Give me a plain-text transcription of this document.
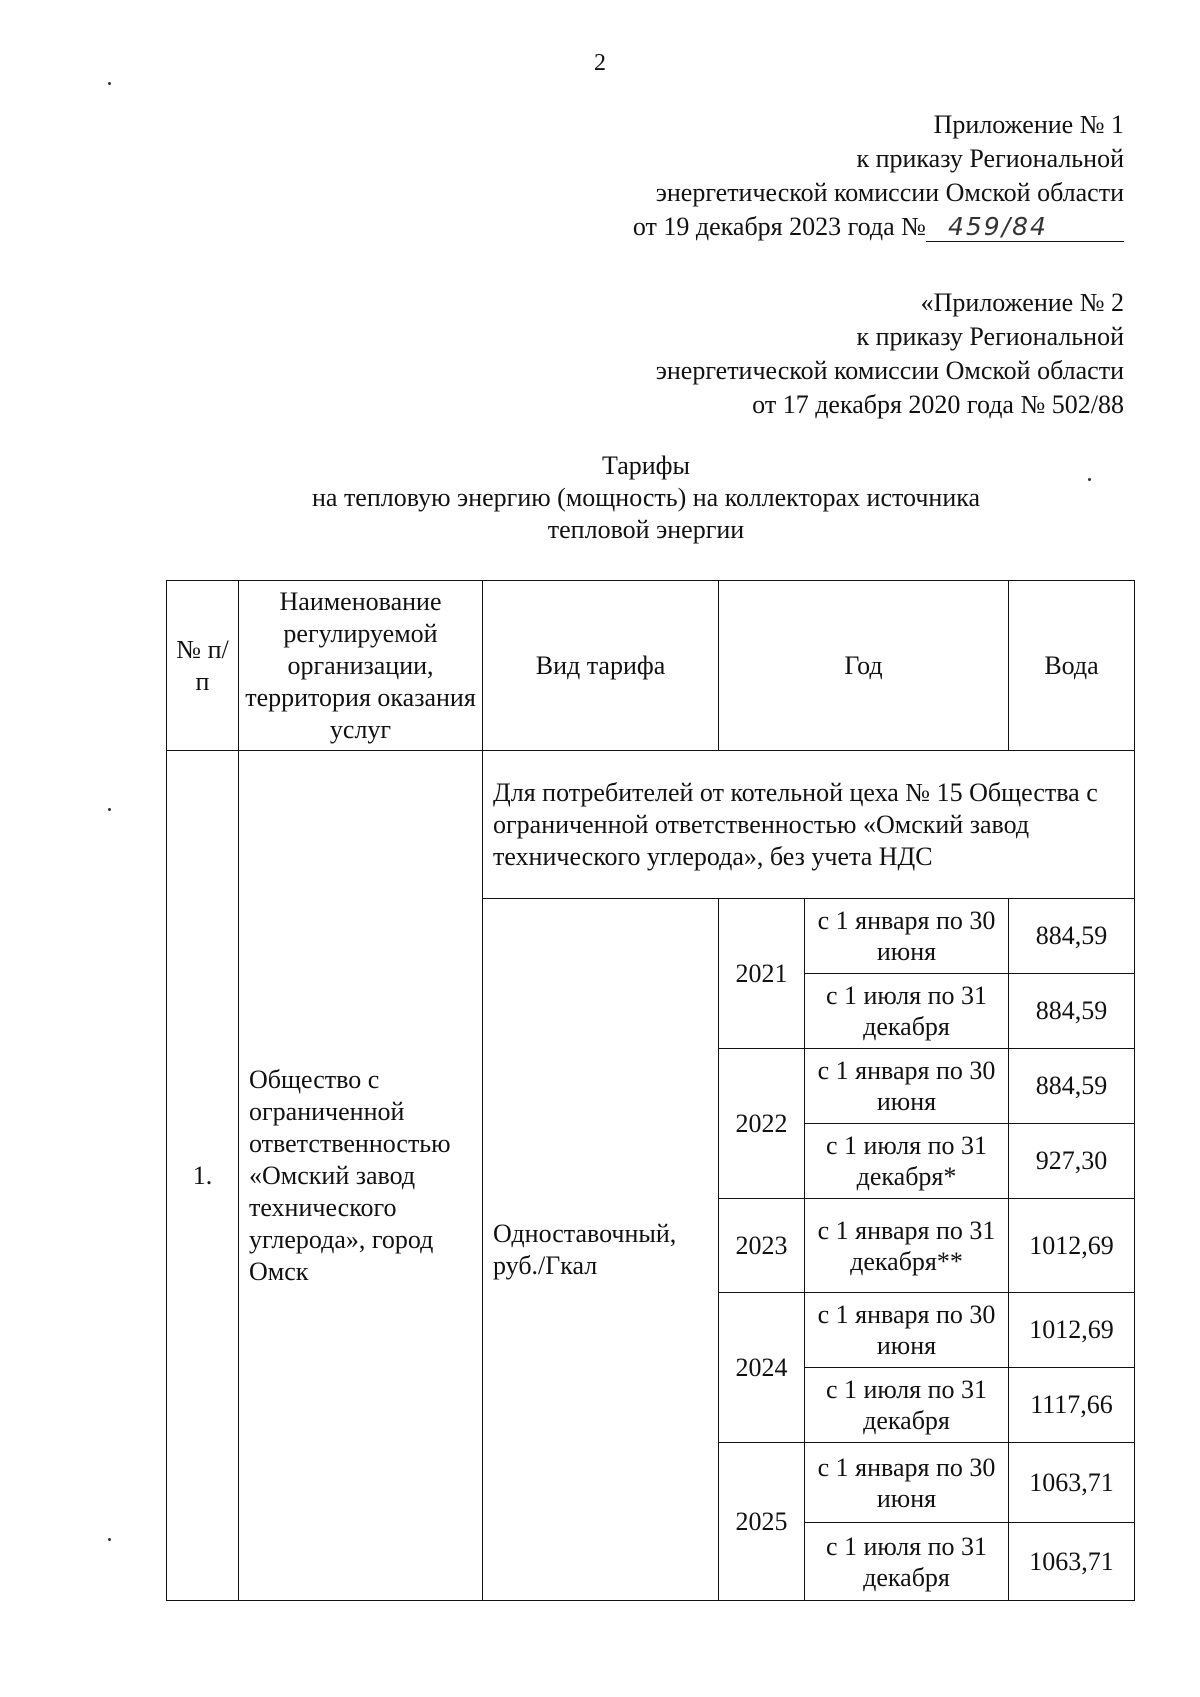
2
Приложение № 1
к приказу Региональной
энергетической комиссии Омской области
от 19 декабря 2023 года № 459/84
«Приложение № 2
к приказу Региональной
энергетической комиссии Омской области
от 17 декабря 2020 года № 502/88
Тарифы
на тепловую энергию (мощность) на коллекторах источника
тепловой энергии
№ п/п	Наименование регулируемой организации, территория оказания услуг	Вид тарифа	Год		Вода
1.	Общество с ограниченной ответственностью «Омский завод технического углерода», город Омск	Для потребителей от котельной цеха № 15 Общества с ограниченной ответственностью «Омский завод технического углерода», без учета НДС			
		Одноставочный, руб./Гкал	2021	с 1 января по 30 июня	884,59
				с 1 июля по 31 декабря	884,59
			2022	с 1 января по 30 июня	884,59
				с 1 июля по 31 декабря*	927,30
			2023	с 1 января по 31 декабря**	1012,69
			2024	с 1 января по 30 июня	1012,69
				с 1 июля по 31 декабря	1117,66
			2025	с 1 января по 30 июня	1063,71
				с 1 июля по 31 декабря	1063,71
